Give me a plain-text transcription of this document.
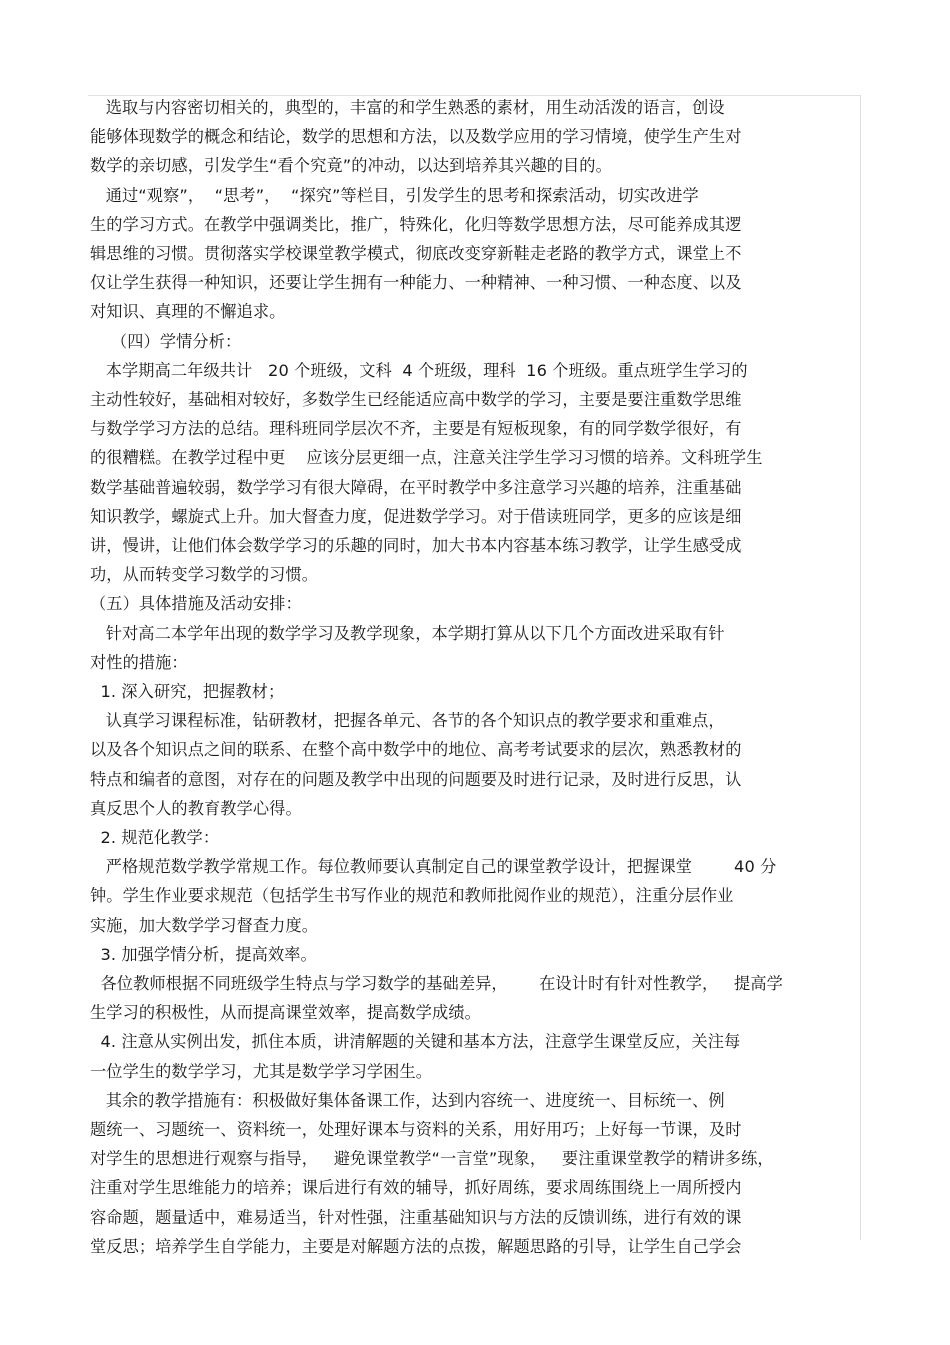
选取与内容密切相关的，典型的，丰富的和学生熟悉的素材，用生动活泼的语言，创设
能够体现数学的概念和结论，数学的思想和方法，以及数学应用的学习情境，使学生产生对
数学的亲切感，引发学生“看个究竟”的冲动，以达到培养其兴趣的目的。
通过“观察”，  “思考”，  “探究”等栏目，引发学生的思考和探索活动，切实改进学
生的学习方式。在教学中强调类比，推广，特殊化，化归等数学思想方法，尽可能养成其逻
辑思维的习惯。贯彻落实学校课堂教学模式，彻底改变穿新鞋走老路的教学方式，课堂上不
仅让学生获得一种知识，还要让学生拥有一种能力、一种精神、一种习惯、一种态度、以及
对知识、真理的不懈追求。
（四）学情分析：
本学期高二年级共计   20 个班级，文科  4 个班级，理科  16 个班级。重点班学生学习的
主动性较好，基础相对较好，多数学生已经能适应高中数学的学习，主要是要注重数学思维
与数学学习方法的总结。理科班同学层次不齐，主要是有短板现象，有的同学数学很好，有
的很糟糕。在教学过程中更    应该分层更细一点，注意关注学生学习习惯的培养。文科班学生
数学基础普遍较弱，数学学习有很大障碍，在平时教学中多注意学习兴趣的培养，注重基础
知识教学，螺旋式上升。加大督查力度，促进数学学习。对于借读班同学，更多的应该是细
讲，慢讲，让他们体会数学学习的乐趣的同时，加大书本内容基本练习教学，让学生感受成
功，从而转变学习数学的习惯。
（五）具体措施及活动安排：
针对高二本学年出现的数学学习及教学现象，本学期打算从以下几个方面改进采取有针
对性的措施：
1. 深入研究，把握教材；
认真学习课程标准，钻研教材，把握各单元、各节的各个知识点的教学要求和重难点，
以及各个知识点之间的联系、在整个高中数学中的地位、高考考试要求的层次，熟悉教材的
特点和编者的意图，对存在的问题及教学中出现的问题要及时进行记录，及时进行反思，认
真反思个人的教育教学心得。
2. 规范化教学：
严格规范数学教学常规工作。每位教师要认真制定自己的课堂教学设计，把握课堂        40 分
钟。学生作业要求规范（包括学生书写作业的规范和教师批阅作业的规范），注重分层作业
实施，加大数学学习督查力度。
3. 加强学情分析，提高效率。
各位教师根据不同班级学生特点与学习数学的基础差异，      在设计时有针对性教学，   提高学
生学习的积极性，从而提高课堂效率，提高数学成绩。
4. 注意从实例出发，抓住本质，讲清解题的关键和基本方法，注意学生课堂反应，关注每
一位学生的数学学习，尤其是数学学习学困生。
其余的教学措施有：积极做好集体备课工作，达到内容统一、进度统一、目标统一、例
题统一、习题统一、资料统一，处理好课本与资料的关系，用好用巧；上好每一节课，及时
对学生的思想进行观察与指导，   避免课堂教学“一言堂”现象，   要注重课堂教学的精讲多练，
注重对学生思维能力的培养；课后进行有效的辅导，抓好周练，要求周练围绕上一周所授内
容命题，题量适中，难易适当，针对性强，注重基础知识与方法的反馈训练，进行有效的课
堂反思；培养学生自学能力，主要是对解题方法的点拨，解题思路的引导，让学生自己学会
